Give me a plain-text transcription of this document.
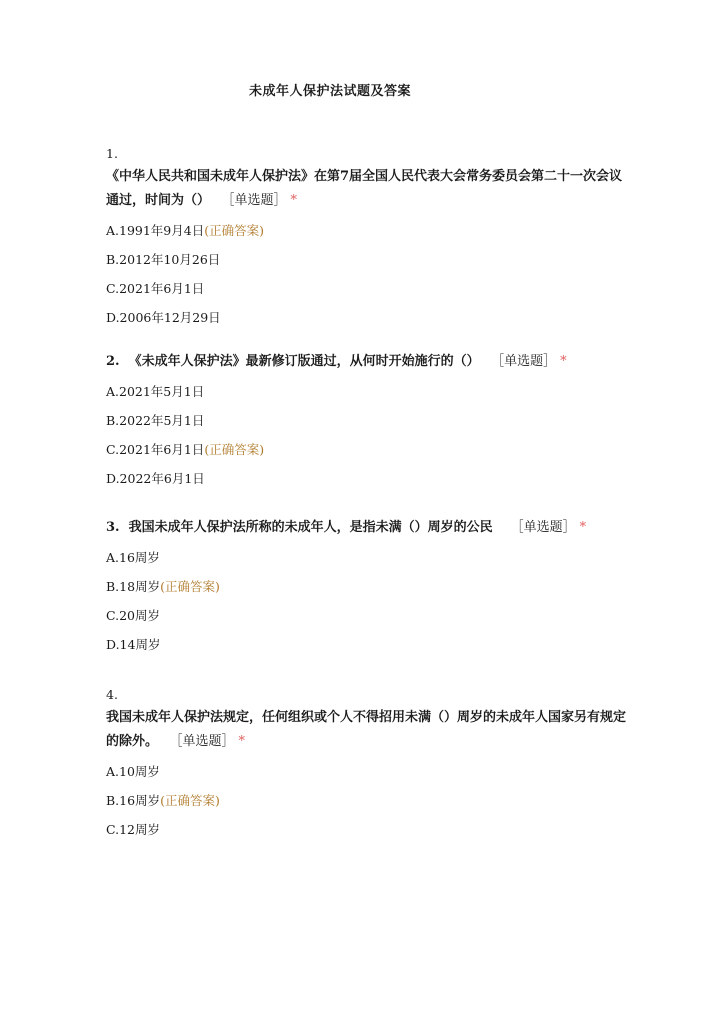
未成年人保护法试题及答案
1.
《中华人民共和国未成年人保护法》在第7届全国人民代表大会常务委员会第二十一次会议通过，时间为（） ［单选题］ *
A.1991年9月4日(正确答案)
B.2012年10月26日
C.2021年6月1日
D.2006年12月29日
2. 《未成年人保护法》最新修订版通过，从何时开始施行的（） ［单选题］ *
A.2021年5月1日
B.2022年5月1日
C.2021年6月1日(正确答案)
D.2022年6月1日
3. 我国未成年人保护法所称的未成年人，是指未满（）周岁的公民 ［单选题］ *
A.16周岁
B.18周岁(正确答案)
C.20周岁
D.14周岁
4.
我国未成年人保护法规定，任何组织或个人不得招用未满（）周岁的未成年人国家另有规定的除外。 ［单选题］ *
A.10周岁
B.16周岁(正确答案)
C.12周岁
